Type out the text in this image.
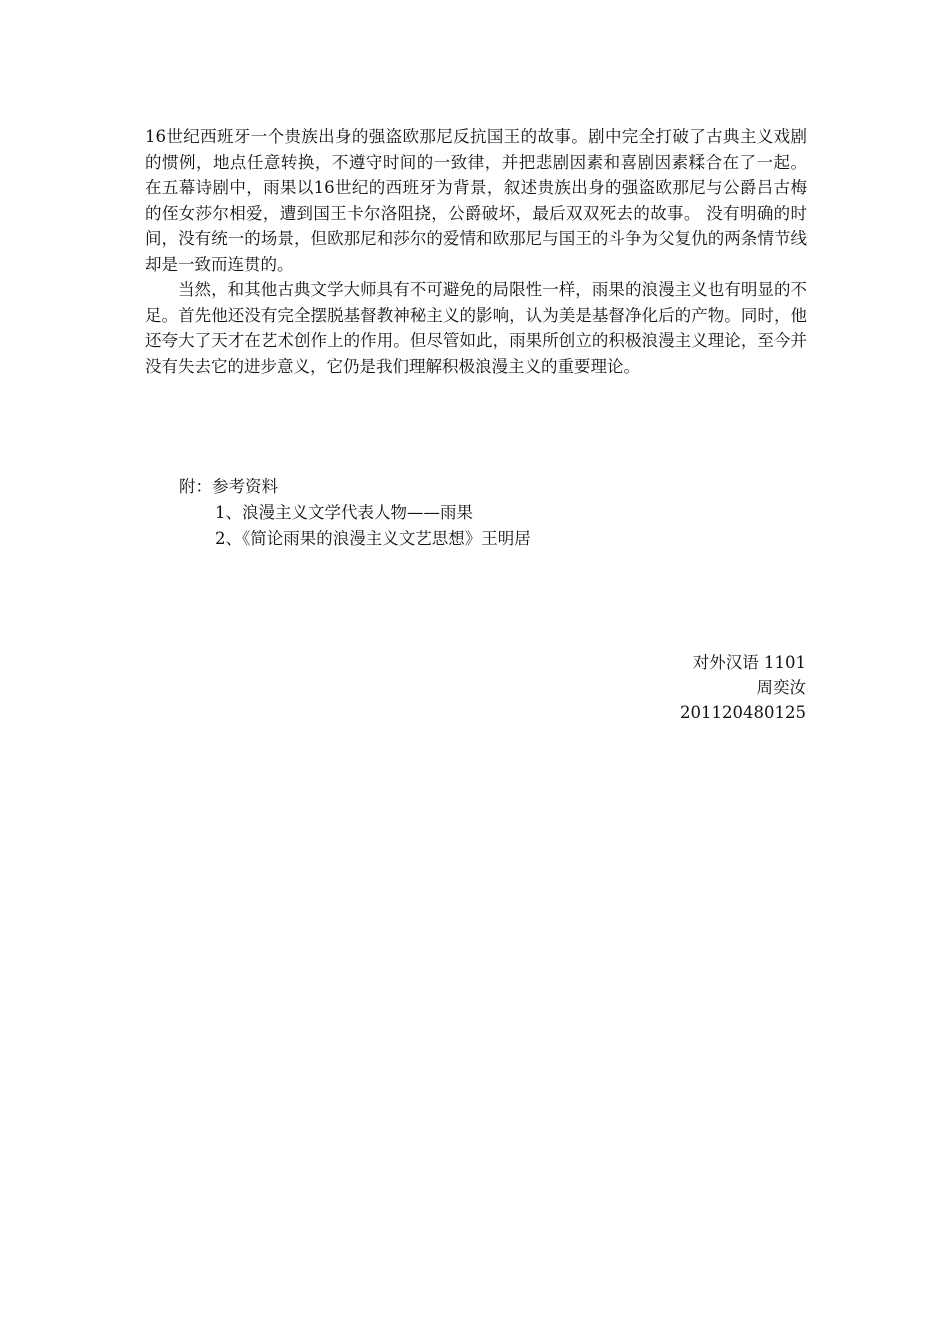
16世纪西班牙一个贵族出身的强盗欧那尼反抗国王的故事。剧中完全打破了古典主义戏剧的惯例，地点任意转换，不遵守时间的一致律，并把悲剧因素和喜剧因素糅合在了一起。 在五幕诗剧中，雨果以16世纪的西班牙为背景，叙述贵族出身的强盗欧那尼与公爵吕古梅的侄女莎尔相爱，遭到国王卡尔洛阻挠，公爵破坏，最后双双死去的故事。 没有明确的时间，没有统一的场景，但欧那尼和莎尔的爱情和欧那尼与国王的斗争为父复仇的两条情节线却是一致而连贯的。

当然，和其他古典文学大师具有不可避免的局限性一样，雨果的浪漫主义也有明显的不足。首先他还没有完全摆脱基督教神秘主义的影响，认为美是基督净化后的产物。同时，他还夸大了天才在艺术创作上的作用。但尽管如此，雨果所创立的积极浪漫主义理论，至今并没有失去它的进步意义，它仍是我们理解积极浪漫主义的重要理论。

附：参考资料
1、浪漫主义文学代表人物——雨果
2、《简论雨果的浪漫主义文艺思想》王明居
对外汉语 1101
周奕汝
201120480125
